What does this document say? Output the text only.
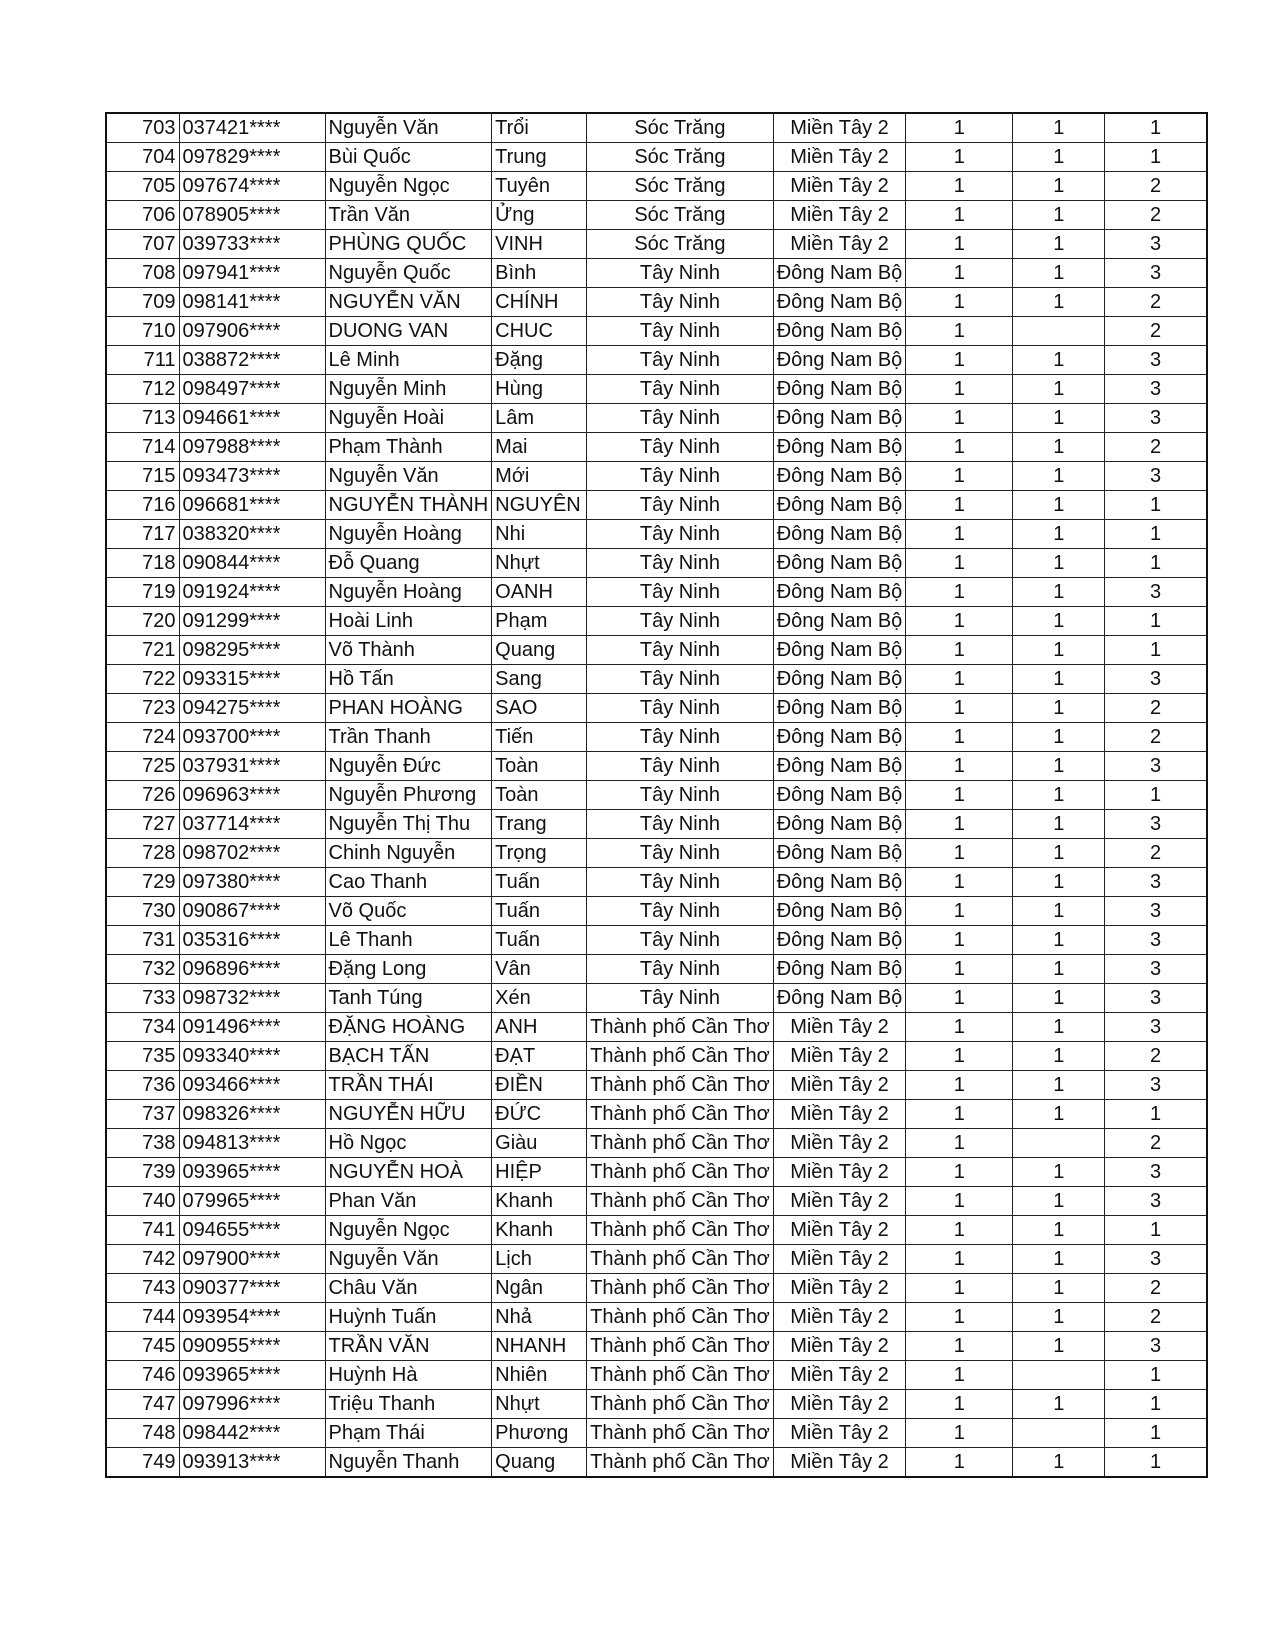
703	037421****	Nguyễn Văn	Trổi	Sóc Trăng	Miền Tây 2	1	1	1
704	097829****	Bùi Quốc	Trung	Sóc Trăng	Miền Tây 2	1	1	1
705	097674****	Nguyễn Ngọc	Tuyên	Sóc Trăng	Miền Tây 2	1	1	2
706	078905****	Trần Văn	Ửng	Sóc Trăng	Miền Tây 2	1	1	2
707	039733****	PHÙNG QUỐC	VINH	Sóc Trăng	Miền Tây 2	1	1	3
708	097941****	Nguyễn Quốc	Bình	Tây Ninh	Đông Nam Bộ	1	1	3
709	098141****	NGUYỄN VĂN	CHÍNH	Tây Ninh	Đông Nam Bộ	1	1	2
710	097906****	DUONG VAN	CHUC	Tây Ninh	Đông Nam Bộ	1		2
711	038872****	Lê Minh	Đặng	Tây Ninh	Đông Nam Bộ	1	1	3
712	098497****	Nguyễn Minh	Hùng	Tây Ninh	Đông Nam Bộ	1	1	3
713	094661****	Nguyễn Hoài	Lâm	Tây Ninh	Đông Nam Bộ	1	1	3
714	097988****	Phạm Thành	Mai	Tây Ninh	Đông Nam Bộ	1	1	2
715	093473****	Nguyễn Văn	Mới	Tây Ninh	Đông Nam Bộ	1	1	3
716	096681****	NGUYỄN THÀNH	NGUYÊN	Tây Ninh	Đông Nam Bộ	1	1	1
717	038320****	Nguyễn Hoàng	Nhi	Tây Ninh	Đông Nam Bộ	1	1	1
718	090844****	Đỗ Quang	Nhựt	Tây Ninh	Đông Nam Bộ	1	1	1
719	091924****	Nguyễn Hoàng	OANH	Tây Ninh	Đông Nam Bộ	1	1	3
720	091299****	Hoài Linh	Phạm	Tây Ninh	Đông Nam Bộ	1	1	1
721	098295****	Võ Thành	Quang	Tây Ninh	Đông Nam Bộ	1	1	1
722	093315****	Hồ Tấn	Sang	Tây Ninh	Đông Nam Bộ	1	1	3
723	094275****	PHAN HOÀNG	SAO	Tây Ninh	Đông Nam Bộ	1	1	2
724	093700****	Trần Thanh	Tiến	Tây Ninh	Đông Nam Bộ	1	1	2
725	037931****	Nguyễn Đức	Toàn	Tây Ninh	Đông Nam Bộ	1	1	3
726	096963****	Nguyễn Phương	Toàn	Tây Ninh	Đông Nam Bộ	1	1	1
727	037714****	Nguyễn Thị Thu	Trang	Tây Ninh	Đông Nam Bộ	1	1	3
728	098702****	Chinh Nguyễn	Trọng	Tây Ninh	Đông Nam Bộ	1	1	2
729	097380****	Cao Thanh	Tuấn	Tây Ninh	Đông Nam Bộ	1	1	3
730	090867****	Võ Quốc	Tuấn	Tây Ninh	Đông Nam Bộ	1	1	3
731	035316****	Lê Thanh	Tuấn	Tây Ninh	Đông Nam Bộ	1	1	3
732	096896****	Đặng Long	Vân	Tây Ninh	Đông Nam Bộ	1	1	3
733	098732****	Tanh Túng	Xén	Tây Ninh	Đông Nam Bộ	1	1	3
734	091496****	ĐẶNG HOÀNG	ANH	Thành phố Cần Thơ	Miền Tây 2	1	1	3
735	093340****	BẠCH TẤN	ĐẠT	Thành phố Cần Thơ	Miền Tây 2	1	1	2
736	093466****	TRẦN THÁI	ĐIỀN	Thành phố Cần Thơ	Miền Tây 2	1	1	3
737	098326****	NGUYỄN HỮU	ĐỨC	Thành phố Cần Thơ	Miền Tây 2	1	1	1
738	094813****	Hồ Ngọc	Giàu	Thành phố Cần Thơ	Miền Tây 2	1		2
739	093965****	NGUYỄN HOÀ	HIỆP	Thành phố Cần Thơ	Miền Tây 2	1	1	3
740	079965****	Phan Văn	Khanh	Thành phố Cần Thơ	Miền Tây 2	1	1	3
741	094655****	Nguyễn Ngọc	Khanh	Thành phố Cần Thơ	Miền Tây 2	1	1	1
742	097900****	Nguyễn Văn	Lịch	Thành phố Cần Thơ	Miền Tây 2	1	1	3
743	090377****	Châu Văn	Ngân	Thành phố Cần Thơ	Miền Tây 2	1	1	2
744	093954****	Huỳnh Tuấn	Nhả	Thành phố Cần Thơ	Miền Tây 2	1	1	2
745	090955****	TRẦN VĂN	NHANH	Thành phố Cần Thơ	Miền Tây 2	1	1	3
746	093965****	Huỳnh Hà	Nhiên	Thành phố Cần Thơ	Miền Tây 2	1		1
747	097996****	Triệu Thanh	Nhựt	Thành phố Cần Thơ	Miền Tây 2	1	1	1
748	098442****	Phạm Thái	Phương	Thành phố Cần Thơ	Miền Tây 2	1		1
749	093913****	Nguyễn Thanh	Quang	Thành phố Cần Thơ	Miền Tây 2	1	1	1
